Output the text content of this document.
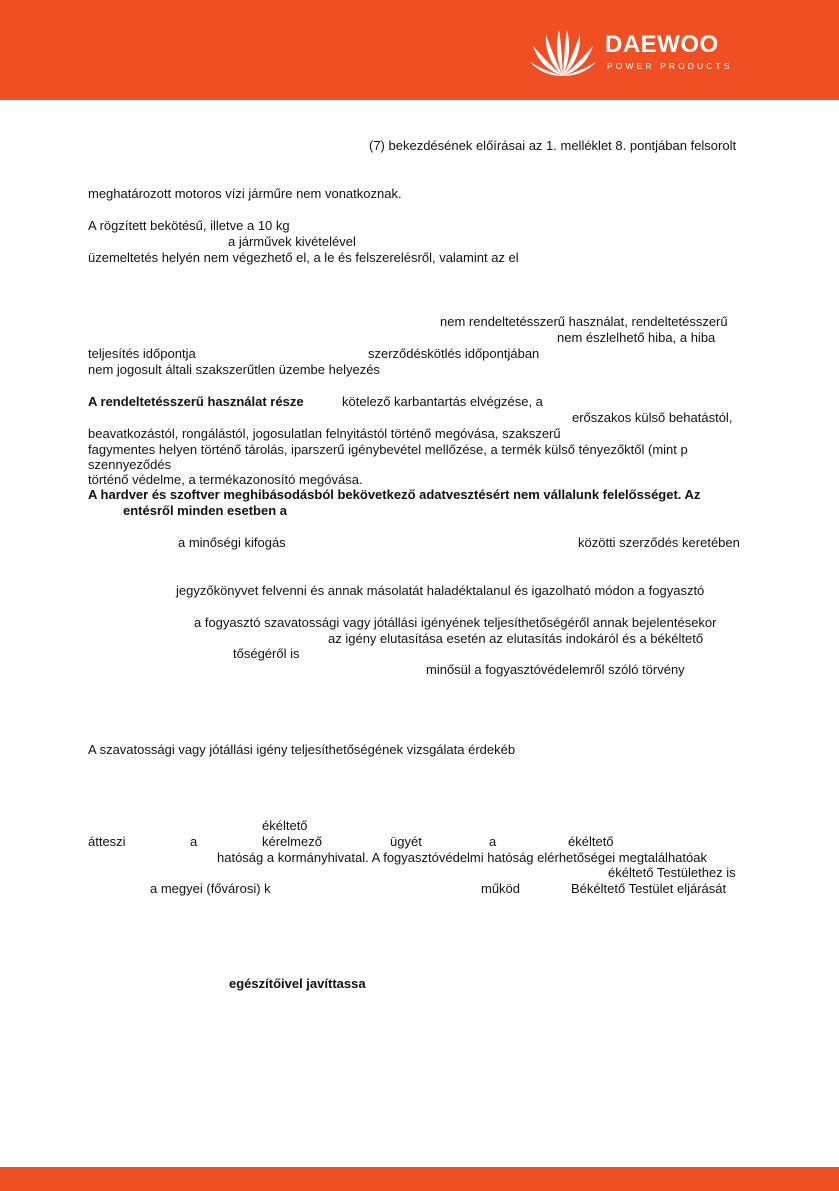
DAEWOO
POWER PRODUCTS

(7) bekezdésének előírásai az 1. melléklet 8. pontjában felsorolt

meghatározott motoros vízi járműre nem vonatkoznak.

A rögzített bekötésű, illetve a 10 kg

a járművek kivételével

üzemeltetés helyén nem végezhető el, a le és felszerelésről, valamint az el

nem rendeltetésszerű használat, rendeltetésszerű

nem észlelhető hiba, a hiba

teljesítés időpontja	szerződéskötlés időpontjában

nem jogosult általi szakszerűtlen üzembe helyezés

A rendeltetésszerű használat része	kötelező karbantartás elvégzése, a

erőszakos külső behatástól,

beavatkozástól, rongálástól, jogosulatlan felnyitástól történő megóvása, szakszerű

fagymentes helyen történő tárolás, iparszerű igénybevétel mellőzése, a termék külső tényezőktől (mint p

szennyeződés

történő védelme, a termékazonosító megóvása.

A hardver és szoftver meghibásodásból bekövetkező adatvesztésért nem vállalunk felelősséget. Az

entésről minden esetben a

a minőségi kifogás	közötti szerződés keretében

jegyzőkönyvet felvenni és annak másolatát haladéktalanul és igazolható módon a fogyasztó

a fogyasztó szavatossági vagy jótállási igényének teljesíthetőségéről annak bejelentésekor

az igény elutasítása esetén az elutasítás indokáról és a békéltető

tőségéről is

minősül a fogyasztóvédelemről szóló törvény

A szavatossági vagy jótállási igény teljesíthetőségének vizsgálata érdekéb

ékéltető

átteszi	a	kérelmező	ügyét	a	ékéltető

hatóság a kormányhivatal. A fogyasztóvédelmi hatóság elérhetőségei megtalálhatóak

ékéltető Testülethez is

a megyei (fővárosi) k	működ	Békéltető Testület eljárását

egészítőivel javíttassa
